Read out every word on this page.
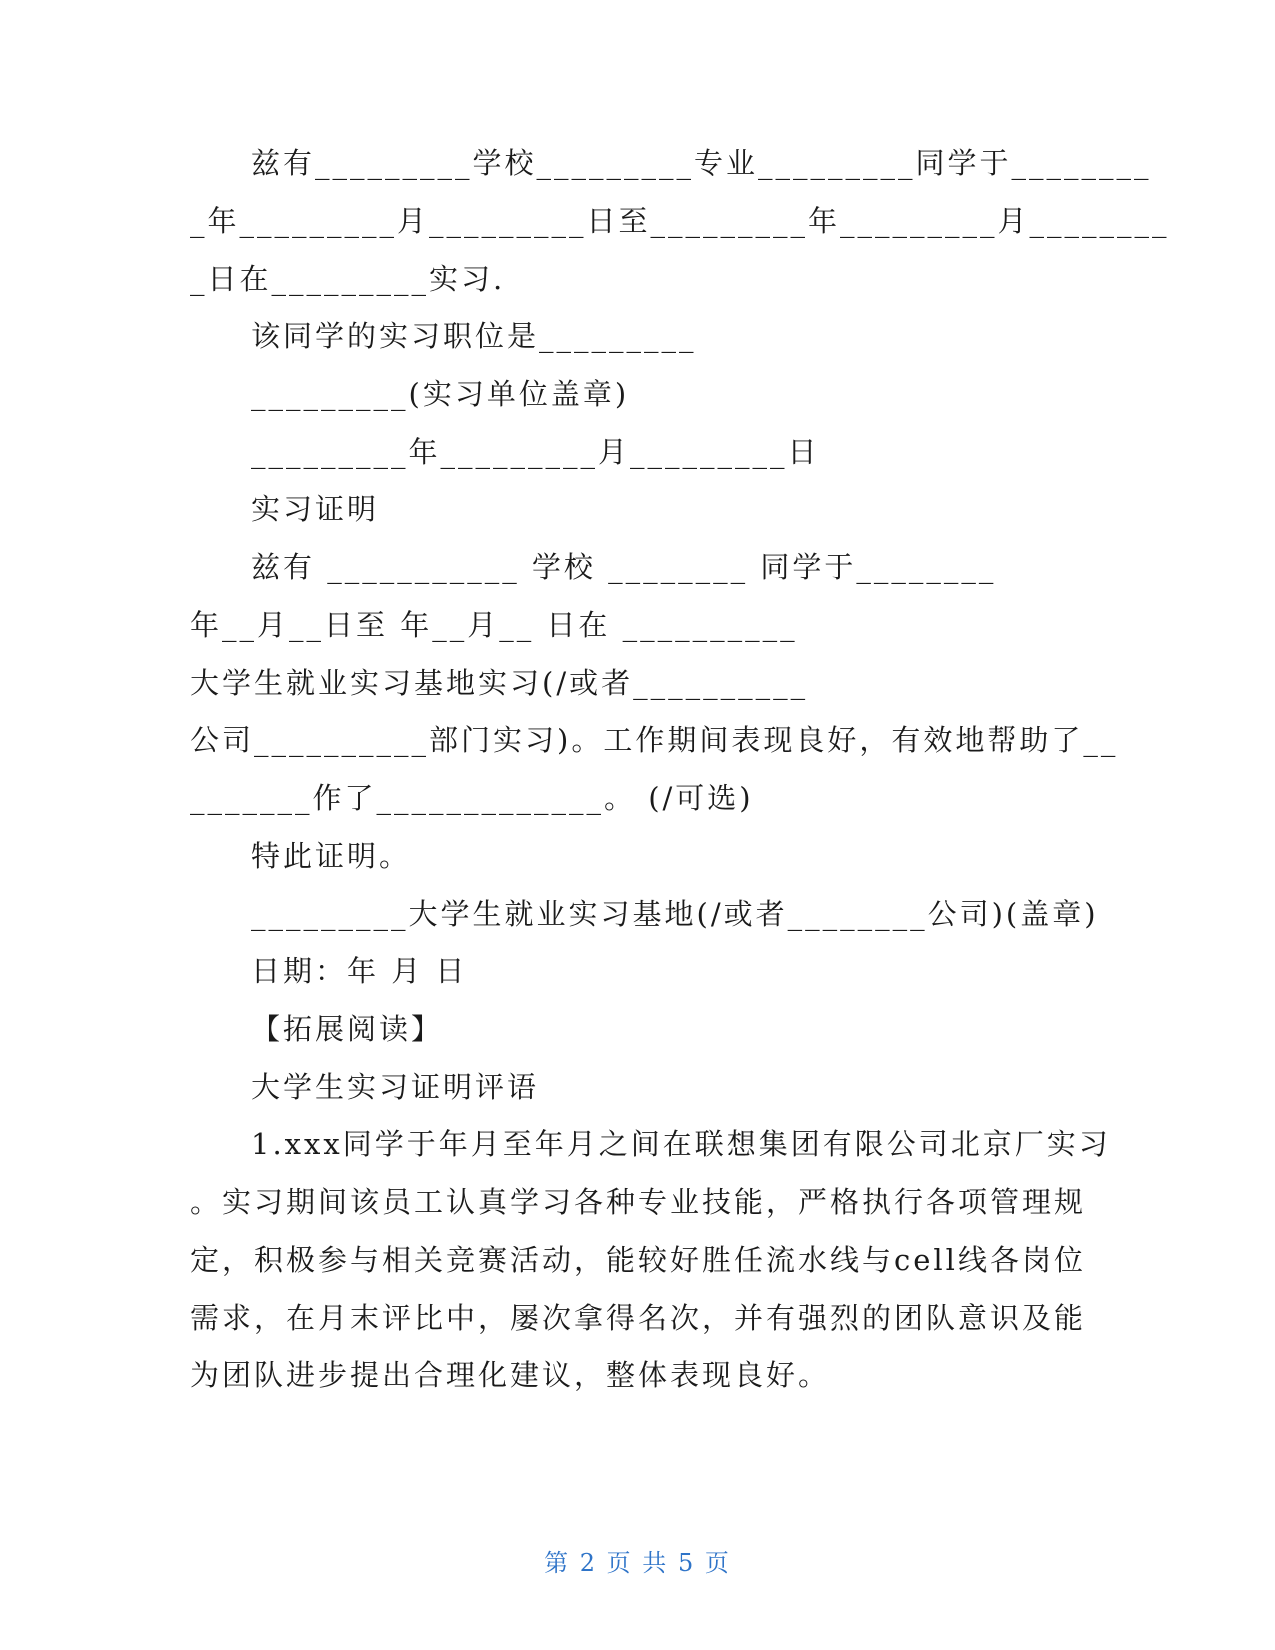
兹有_________学校_________专业_________同学于________
_年_________月_________日至_________年_________月________
_日在_________实习.
该同学的实习职位是_________
_________(实习单位盖章)
_________年_________月_________日
实习证明
兹有 ___________ 学校 ________ 同学于________
年__月__日至 年__月__ 日在 __________
大学生就业实习基地实习(/或者__________
公司__________部门实习)。工作期间表现良好，有效地帮助了__
_______作了_____________。 (/可选)
特此证明。
_________大学生就业实习基地(/或者________公司)(盖章)
日期：年 月 日
【拓展阅读】
大学生实习证明评语
1.xxx同学于年月至年月之间在联想集团有限公司北京厂实习
。实习期间该员工认真学习各种专业技能，严格执行各项管理规
定，积极参与相关竞赛活动，能较好胜任流水线与cell线各岗位
需求，在月末评比中，屡次拿得名次，并有强烈的团队意识及能
为团队进步提出合理化建议，整体表现良好。
第 2 页 共 5 页
